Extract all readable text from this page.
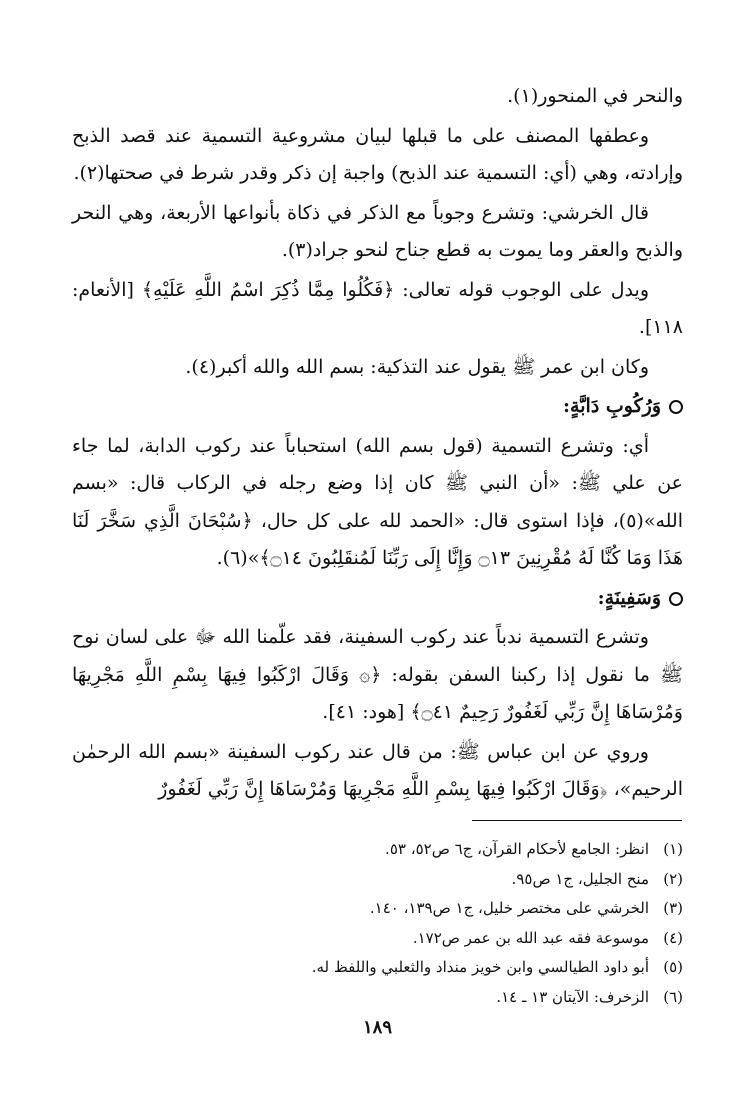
والنحر في المنحور(١).

وعطفها المصنف على ما قبلها لبيان مشروعية التسمية عند قصد الذبح وإرادته، وهي (أي: التسمية عند الذبح) واجبة إن ذكر وقدر شرط في صحتها(٢).

قال الخرشي: وتشرع وجوباً مع الذكر في ذكاة بأنواعها الأربعة، وهي النحر والذبح والعقر وما يموت به قطع جناح لنحو جراد(٣).

ويدل على الوجوب قوله تعالى: ﴿فَكُلُوا مِمَّا ذُكِرَ اسْمُ اللَّهِ عَلَيْهِ﴾ [الأنعام: ١١٨].

وكان ابن عمر ﷺ يقول عند التذكية: بسم الله والله أكبر(٤).

وَرُكُوبِ دَابَّةٍ:

أي: وتشرع التسمية (قول بسم الله) استحباباً عند ركوب الدابة، لما جاء عن علي ﷺ: «أن النبي ﷺ كان إذا وضع رجله في الركاب قال: «بسم الله»(٥)، فإذا استوى قال: «الحمد لله على كل حال، ﴿سُبْحَانَ الَّذِي سَخَّرَ لَنَا هَذَا وَمَا كُنَّا لَهُ مُقْرِنِينَ ۝١٣ وَإِنَّا إِلَى رَبِّنَا لَمُنقَلِبُونَ ۝١٤﴾»(٦).

وَسَفِينَةٍ:

وتشرع التسمية ندباً عند ركوب السفينة، فقد علّمنا الله ﷻ على لسان نوح ﷺ ما نقول إذا ركبنا السفن بقوله: ﴿۞ وَقَالَ ارْكَبُوا فِيهَا بِسْمِ اللَّهِ مَجْرِيهَا وَمُرْسَاهَا إِنَّ رَبِّي لَغَفُورٌ رَحِيمٌ ۝٤١﴾ [هود: ٤١].

وروي عن ابن عباس ﷺ: من قال عند ركوب السفينة «بسم الله الرحمٰن الرحيم»، ﴿وَقَالَ ارْكَبُوا فِيهَا بِسْمِ اللَّهِ مَجْرِيهَا وَمُرْسَاهَا إِنَّ رَبِّي لَغَفُورٌ

(١)
انظر: الجامع لأحكام القرآن، ج٦ ص٥٢، ٥٣.
(٢)
منح الجليل، ج١ ص٩٥.
(٣)
الخرشي على مختصر خليل، ج١ ص١٣٩، ١٤٠.
(٤)
موسوعة فقه عبد الله بن عمر ص١٧٢.
(٥)
أبو داود الطيالسي وابن خويز منداد والثعلبي واللفظ له.
(٦)
الزخرف: الآيتان ١٣ ـ ١٤.
١٨٩
